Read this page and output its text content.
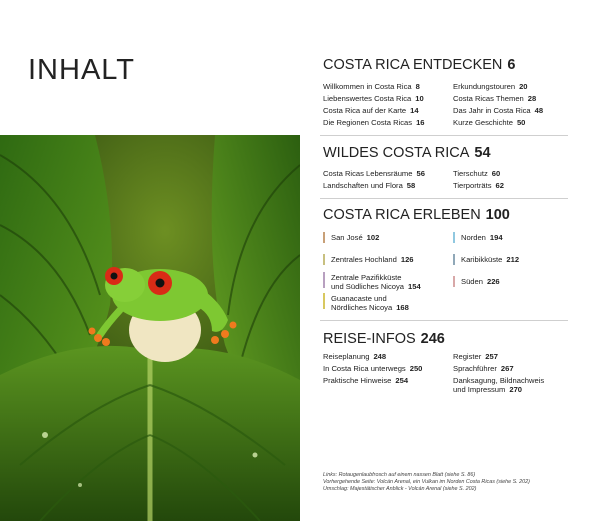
INHALT	COSTA RICA ENTDECKEN 6
Willkommen in Costa Rica 8
Liebenswertes Costa Rica 10
Costa Rica auf der Karte 14
Die Regionen Costa Ricas 16
Erkundungstouren 20
Costa Ricas Themen 28
Das Jahr in Costa Rica 48
Kurze Geschichte 50
WILDES COSTA RICA 54
Costa Ricas Lebensräume 56
Landschaften und Flora 58
Tierschutz 60
Tierporträts 62
COSTA RICA ERLEBEN 100
San José 102
Zentrales Hochland 126
Zentrale Pazifikküste
und Südliches Nicoya 154
Guanacaste und
Nördliches Nicoya 168
Norden 194
Karibikküste 212
Süden 226
REISE-INFOS 246
Reiseplanung 248
In Costa Rica unterwegs 250
Praktische Hinweise 254
Register 257
Sprachführer 267
Danksagung, Bildnachweis
und Impressum 270
Links: Rotaugenlaubfrosch auf einem nassen Blatt (siehe S. 86)
Vorhergehende Seite: Volcán Arenal, ein Vulkan im Norden Costa Ricas (siehe S. 202)
Umschlag: Majestätischer Anblick - Volcán Arenal (siehe S. 202)
